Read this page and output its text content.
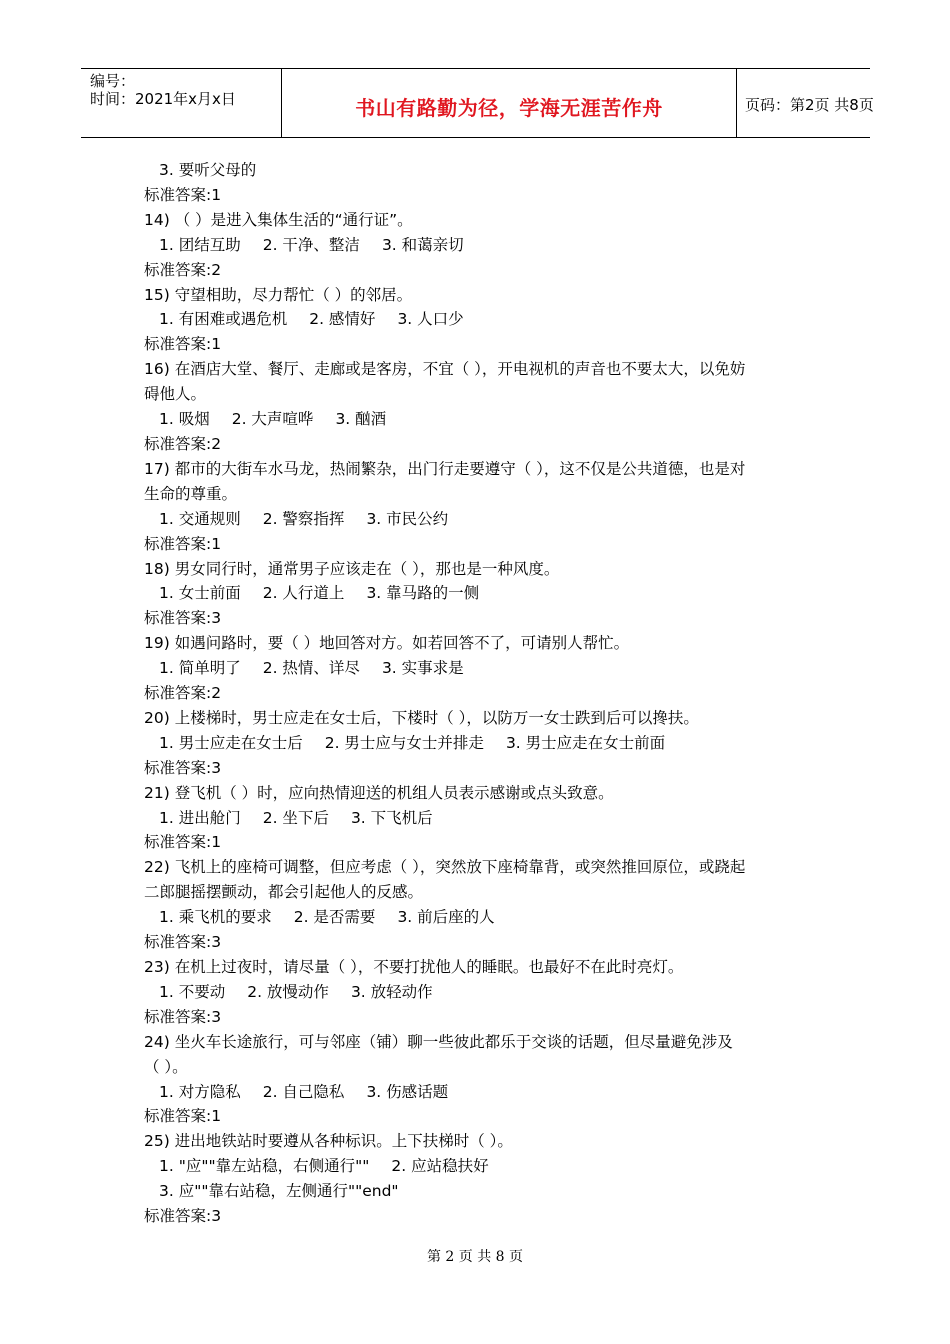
编号：
时间：2021年x月x日	书山有路勤为径，学海无涯苦作舟	页码：第2页 共8页
3. 要听父母的
标准答案:1
14) （ ）是进入集体生活的“通行证”。
1. 团结互助 2. 干净、整洁 3. 和蔼亲切
标准答案:2
15) 守望相助，尽力帮忙（ ）的邻居。
1. 有困难或遇危机 2. 感情好 3. 人口少
标准答案:1
16) 在酒店大堂、餐厅、走廊或是客房，不宜（ ），开电视机的声音也不要太大，以免妨
碍他人。
1. 吸烟 2. 大声喧哗 3. 酗酒
标准答案:2
17) 都市的大街车水马龙，热闹繁杂，出门行走要遵守（ ），这不仅是公共道德，也是对
生命的尊重。
1. 交通规则 2. 警察指挥 3. 市民公约
标准答案:1
18) 男女同行时，通常男子应该走在（ ），那也是一种风度。
1. 女士前面 2. 人行道上 3. 靠马路的一侧
标准答案:3
19) 如遇问路时，要（ ）地回答对方。如若回答不了，可请别人帮忙。
1. 简单明了 2. 热情、详尽 3. 实事求是
标准答案:2
20) 上楼梯时，男士应走在女士后，下楼时（ ），以防万一女士跌到后可以搀扶。
1. 男士应走在女士后 2. 男士应与女士并排走 3. 男士应走在女士前面
标准答案:3
21) 登飞机（ ）时，应向热情迎送的机组人员表示感谢或点头致意。
1. 进出舱门 2. 坐下后 3. 下飞机后
标准答案:1
22) 飞机上的座椅可调整，但应考虑（ ），突然放下座椅靠背，或突然推回原位，或跷起
二郎腿摇摆颤动，都会引起他人的反感。
1. 乘飞机的要求 2. 是否需要 3. 前后座的人
标准答案:3
23) 在机上过夜时，请尽量（ ），不要打扰他人的睡眠。也最好不在此时亮灯。
1. 不要动 2. 放慢动作 3. 放轻动作
标准答案:3
24) 坐火车长途旅行，可与邻座（铺）聊一些彼此都乐于交谈的话题，但尽量避免涉及
（ ）。
1. 对方隐私 2. 自己隐私 3. 伤感话题
标准答案:1
25) 进出地铁站时要遵从各种标识。上下扶梯时（ ）。
1. "应""靠左站稳，右侧通行"" 2. 应站稳扶好
3. 应""靠右站稳，左侧通行""end"
标准答案:3
第 2 页 共 8 页
